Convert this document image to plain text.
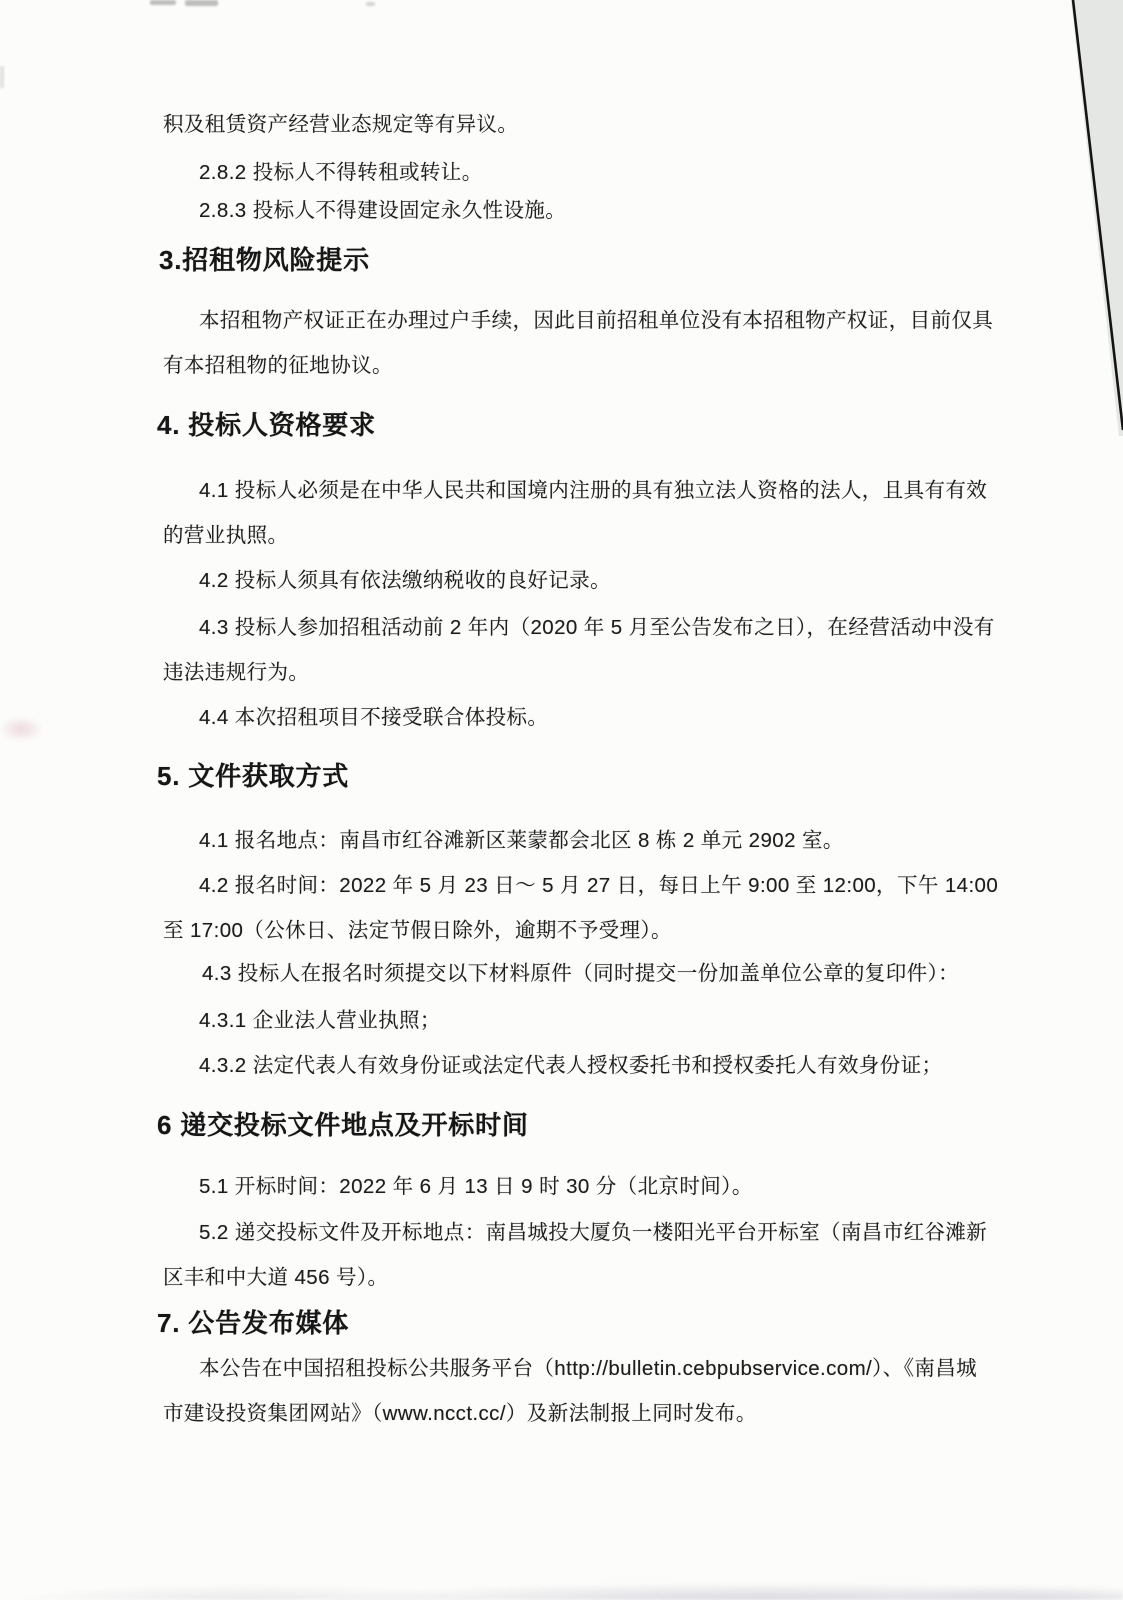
积及租赁资产经营业态规定等有异议。
2.8.2 投标人不得转租或转让。
2.8.3 投标人不得建设固定永久性设施。
3.招租物风险提示
本招租物产权证正在办理过户手续，因此目前招租单位没有本招租物产权证，目前仅具
有本招租物的征地协议。
4. 投标人资格要求
4.1 投标人必须是在中华人民共和国境内注册的具有独立法人资格的法人，且具有有效
的营业执照。
4.2 投标人须具有依法缴纳税收的良好记录。
4.3 投标人参加招租活动前 2 年内（2020 年 5 月至公告发布之日），在经营活动中没有
违法违规行为。
4.4 本次招租项目不接受联合体投标。
5. 文件获取方式
4.1 报名地点：南昌市红谷滩新区莱蒙都会北区 8 栋 2 单元 2902 室。
4.2 报名时间：2022 年 5 月 23 日～ 5 月 27 日，每日上午 9:00 至 12:00，下午 14:00
至 17:00（公休日、法定节假日除外，逾期不予受理）。
4.3 投标人在报名时须提交以下材料原件（同时提交一份加盖单位公章的复印件）：
4.3.1 企业法人营业执照；
4.3.2 法定代表人有效身份证或法定代表人授权委托书和授权委托人有效身份证；
6 递交投标文件地点及开标时间
5.1 开标时间：2022 年 6 月 13 日 9 时 30 分（北京时间）。
5.2 递交投标文件及开标地点：南昌城投大厦负一楼阳光平台开标室（南昌市红谷滩新
区丰和中大道 456 号）。
7. 公告发布媒体
本公告在中国招租投标公共服务平台（http://bulletin.cebpubservice.com/）、《南昌城
市建设投资集团网站》（www.ncct.cc/）及新法制报上同时发布。
